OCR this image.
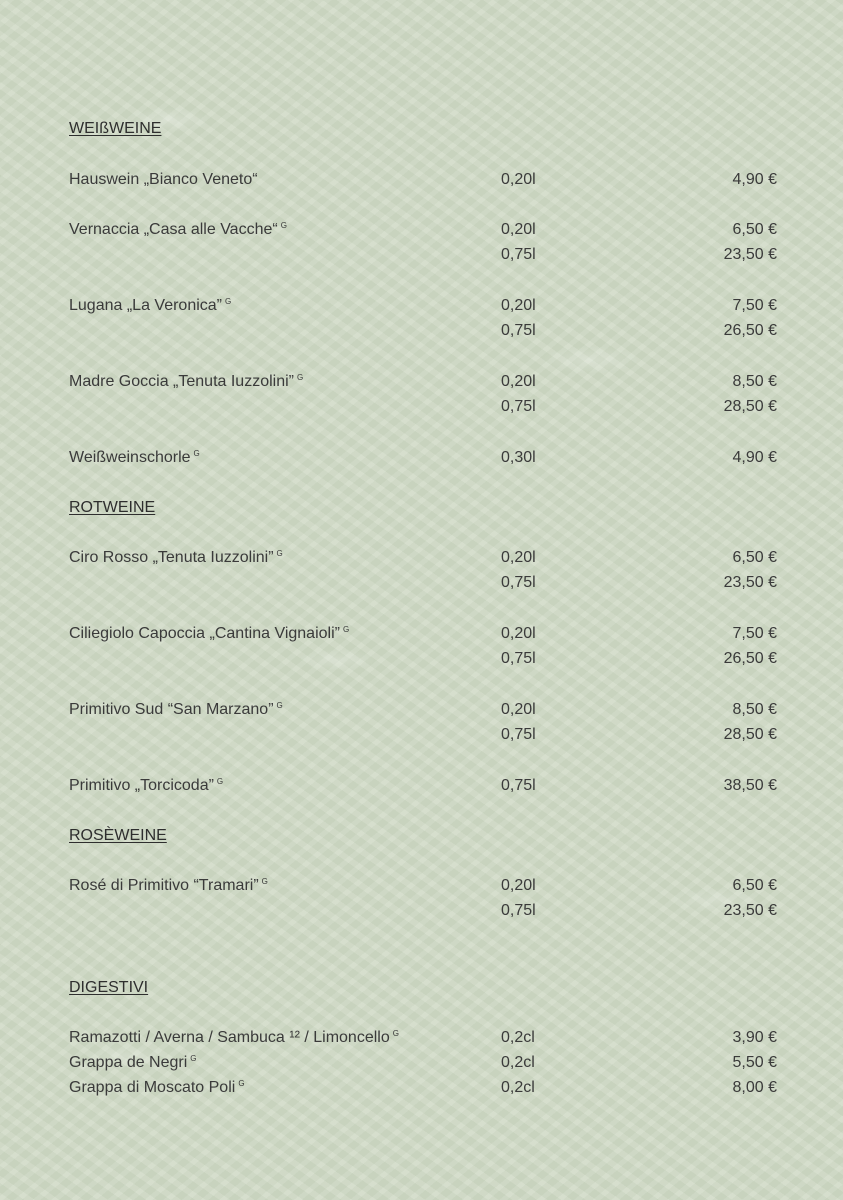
WEIßWEINE
Hauswein „Bianco Veneto“	0,20l	4,90 €
Vernaccia „Casa alle Vacche“ $^G$	0,20l	6,50 €
0,75l	23,50 €
Lugana „La Veronica” $^G$	0,20l	7,50 €
0,75l	26,50 €
Madre Goccia „Tenuta Iuzzolini” $^G$	0,20l	8,50 €
0,75l	28,50 €
Weißweinschorle $^G$	0,30l	4,90 €
ROTWEINE
Ciro Rosso „Tenuta Iuzzolini” $^G$	0,20l	6,50 €
0,75l	23,50 €
Ciliegiolo Capoccia „Cantina Vignaioli” $^G$	0,20l	7,50 €
0,75l	26,50 €
Primitivo Sud “San Marzano” $^G$	0,20l	8,50 €
0,75l	28,50 €
Primitivo „Torcicoda” $^G$	0,75l	38,50 €
ROSÈWEINE
Rosé di Primitivo “Tramari” $^G$	0,20l	6,50 €
0,75l	23,50 €
DIGESTIVI
Ramazotti / Averna / Sambuca ¹² / Limoncello $^G$	0,2cl	3,90 €
Grappa de Negri $^G$	0,2cl	5,50 €
Grappa di Moscato Poli $^G$	0,2cl	8,00 €
